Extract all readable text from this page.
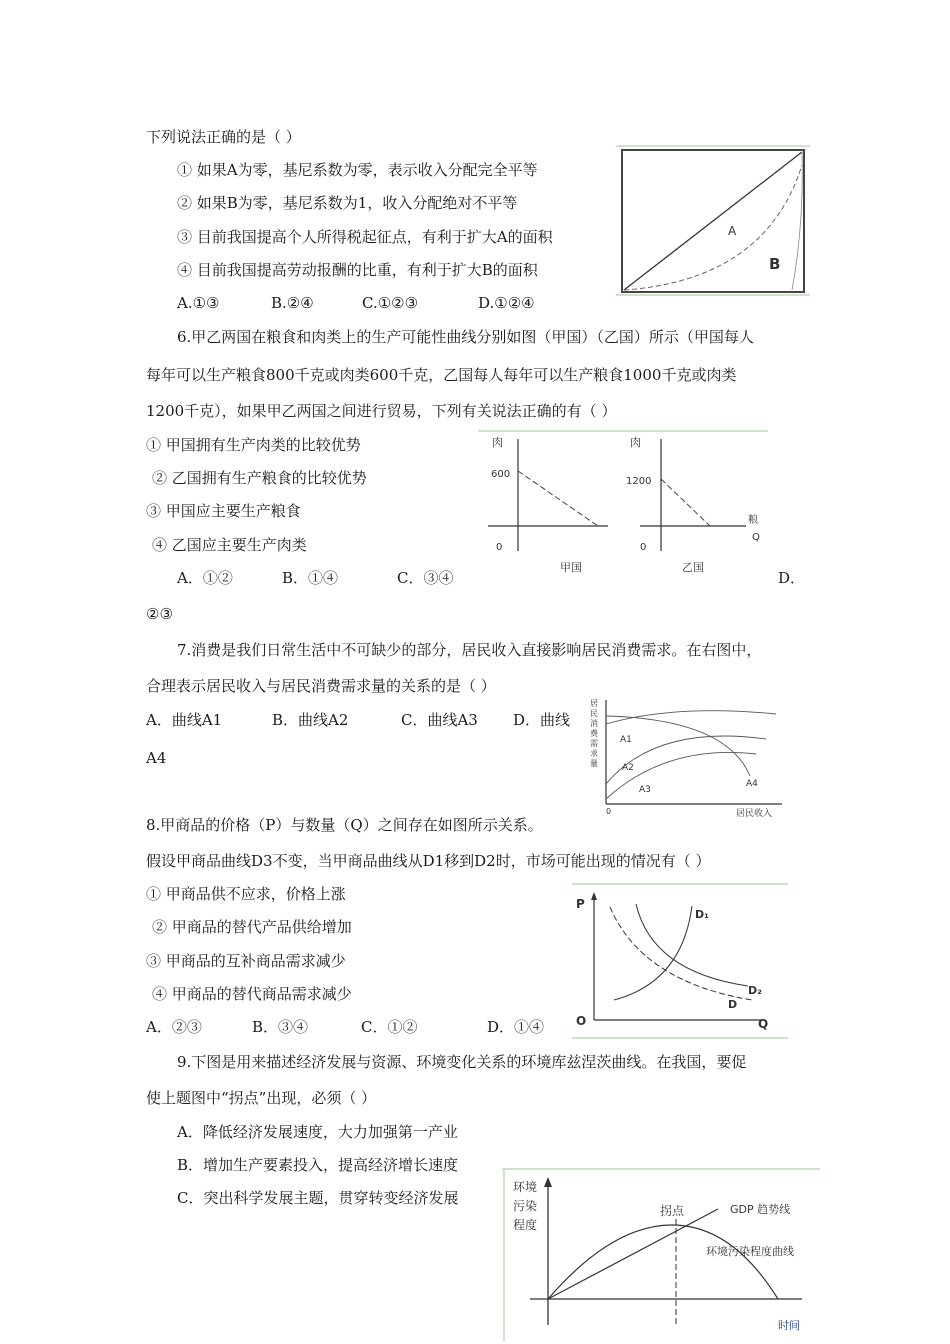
下列说法正确的是（ ）
① 如果A为零，基尼系数为零，表示收入分配完全平等
② 如果B为零，基尼系数为1，收入分配绝对不平等
③ 目前我国提高个人所得税起征点，有利于扩大A的面积
④ 目前我国提高劳动报酬的比重，有利于扩大B的面积
A.①③	B.②④	C.①②③	D.①②④
A
B
6.甲乙两国在粮食和肉类上的生产可能性曲线分别如图（甲国）（乙国）所示（甲国每人
每年可以生产粮食800千克或肉类600千克，乙国每人每年可以生产粮食1000千克或肉类
1200千克），如果甲乙两国之间进行贸易，下列有关说法正确的有（ ）
① 甲国拥有生产肉类的比较优势
② 乙国拥有生产粮食的比较优势
③ 甲国应主要生产粮食
④ 乙国应主要生产肉类
A．①②	B．①④	C．③④	D．
②③
肉
600
0
甲国
肉
1200
0
粮
Q
乙国
7.消费是我们日常生活中不可缺少的部分，居民收入直接影响居民消费需求。在右图中，
合理表示居民收入与居民消费需求量的关系的是（ ）
A．曲线A1	B．曲线A2	C．曲线A3 D．曲线
A4
居
民
消
费
需
求
量
A1
A2
A3
A4
0	居民收入
8.甲商品的价格（P）与数量（Q）之间存在如图所示关系。
假设甲商品曲线D3不变，当甲商品曲线从D1移到D2时，市场可能出现的情况有（ ）
① 甲商品供不应求，价格上涨
② 甲商品的替代产品供给增加
③ 甲商品的互补商品需求减少
④ 甲商品的替代商品需求减少
A．②③	B．③④	C．①②	D．①④
P
O	Q
D₁
D₂
D
9.下图是用来描述经济发展与资源、环境变化关系的环境库兹涅茨曲线。在我国，要促
使上题图中“拐点”出现，必须（ ）
A．降低经济发展速度，大力加强第一产业
B．增加生产要素投入，提高经济增长速度
C．突出科学发展主题，贯穿转变经济发展
环境
污染
程度
拐点	GDP 趋势线
环境污染程度曲线
时间
